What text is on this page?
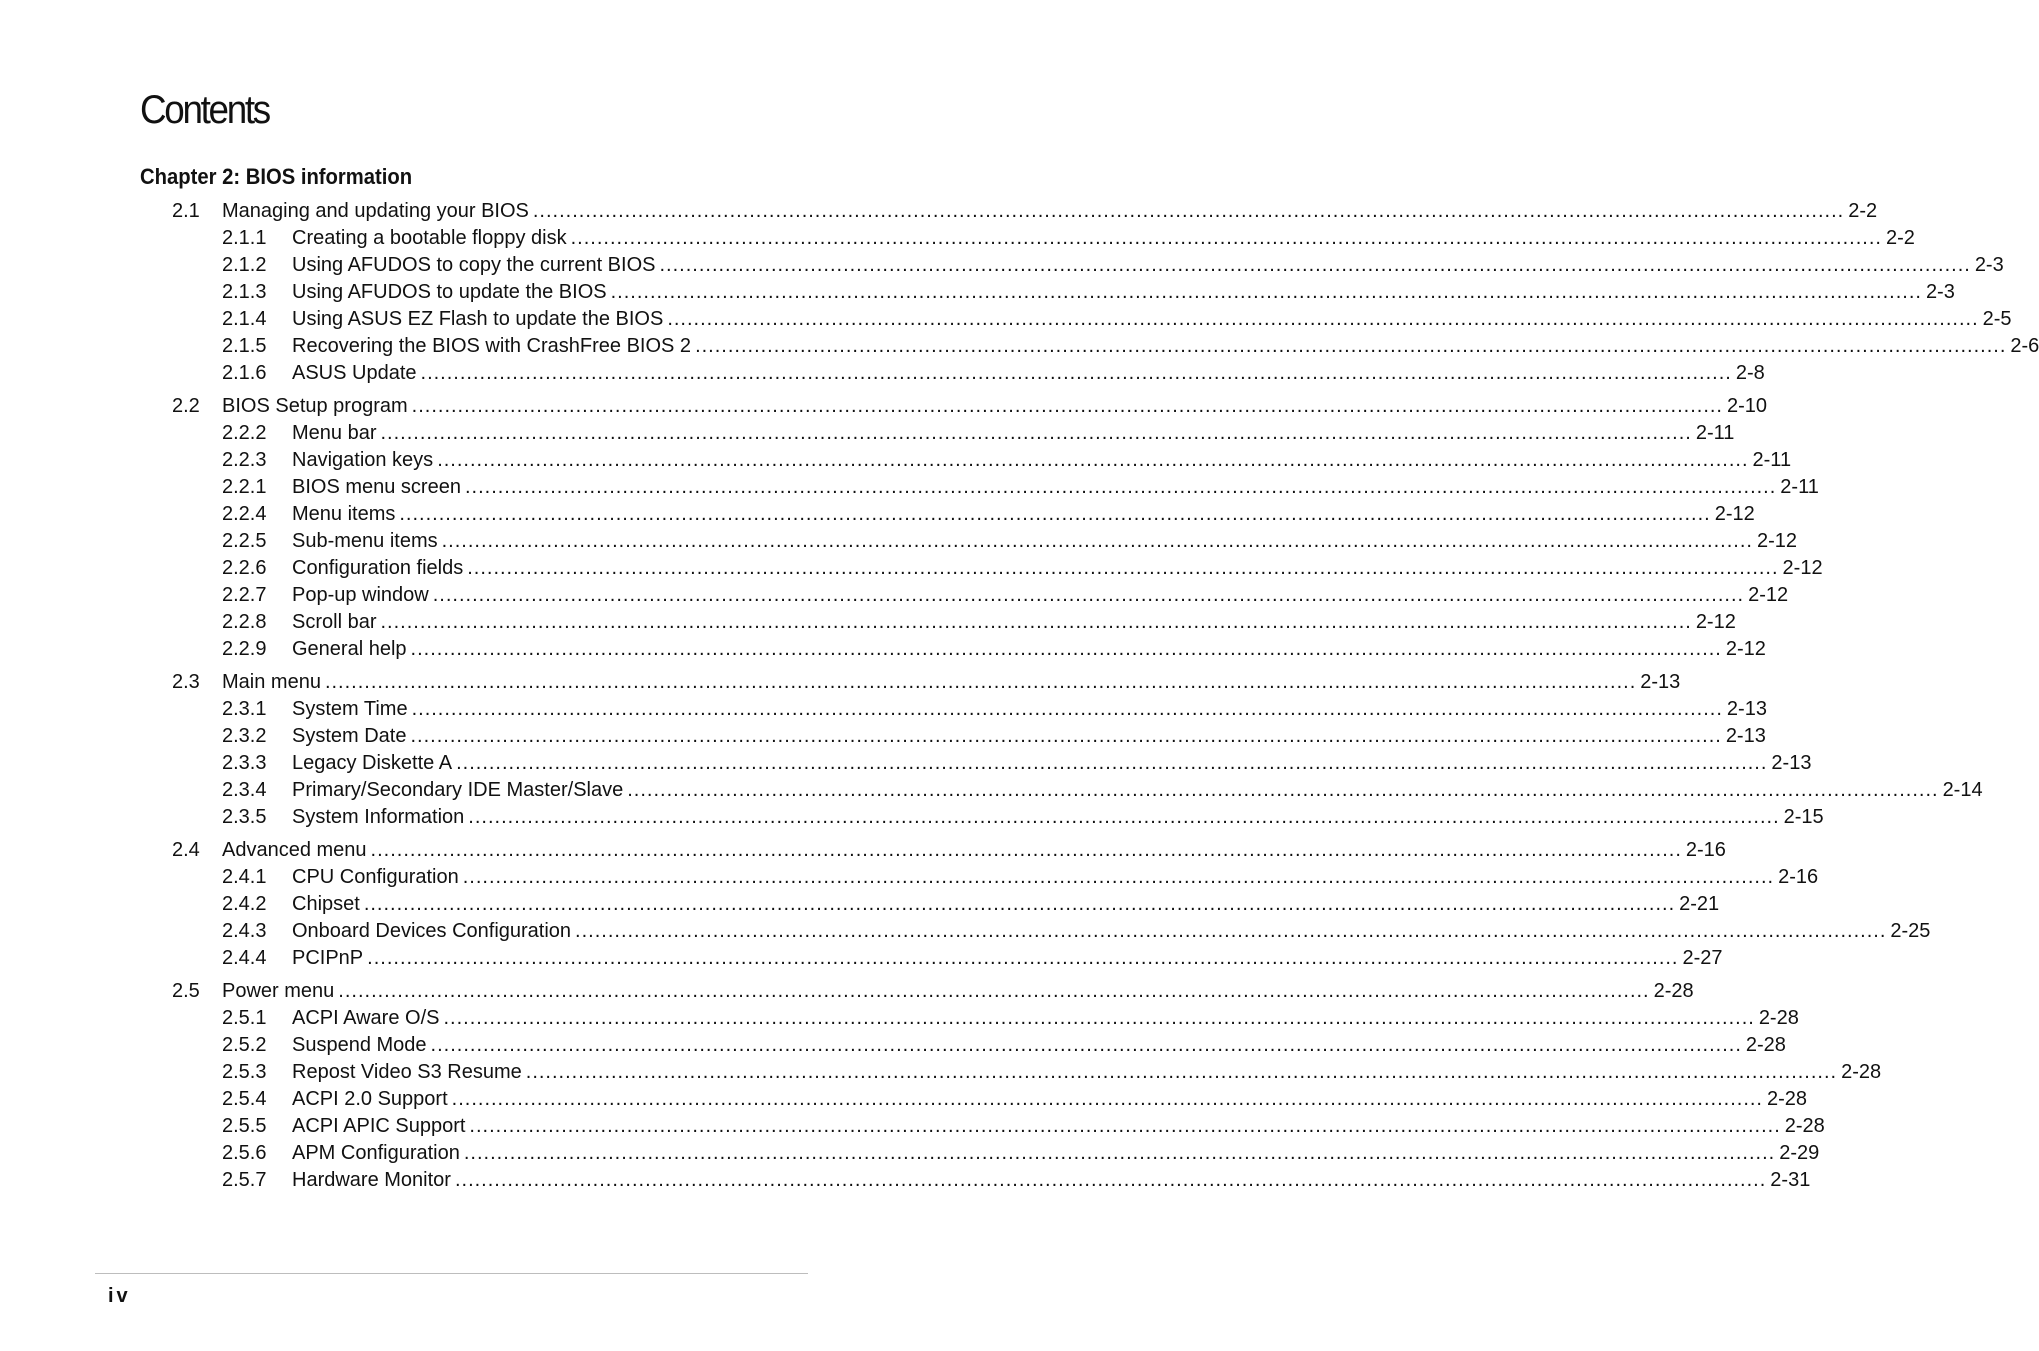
Contents
Chapter 2: BIOS information
2.1 Managing and updating your BIOS ........................................................................................................................................................................................................ 2-2
2.1.1 Creating a bootable floppy disk ........................................................................................................................................................................................................ 2-2
2.1.2 Using AFUDOS to copy the current BIOS ........................................................................................................................................................................................................ 2-3
2.1.3 Using AFUDOS to update the BIOS ........................................................................................................................................................................................................ 2-3
2.1.4 Using ASUS EZ Flash to update the BIOS ........................................................................................................................................................................................................ 2-5
2.1.5 Recovering the BIOS with CrashFree BIOS 2 ........................................................................................................................................................................................................ 2-6
2.1.6 ASUS Update ........................................................................................................................................................................................................ 2-8
2.2 BIOS Setup program ........................................................................................................................................................................................................ 2-10
2.2.2 Menu bar ........................................................................................................................................................................................................ 2-11
2.2.3 Navigation keys ........................................................................................................................................................................................................ 2-11
2.2.1 BIOS menu screen ........................................................................................................................................................................................................ 2-11
2.2.4 Menu items ........................................................................................................................................................................................................ 2-12
2.2.5 Sub-menu items ........................................................................................................................................................................................................ 2-12
2.2.6 Configuration fields ........................................................................................................................................................................................................ 2-12
2.2.7 Pop-up window ........................................................................................................................................................................................................ 2-12
2.2.8 Scroll bar ........................................................................................................................................................................................................ 2-12
2.2.9 General help ........................................................................................................................................................................................................ 2-12
2.3 Main menu ........................................................................................................................................................................................................ 2-13
2.3.1 System Time ........................................................................................................................................................................................................ 2-13
2.3.2 System Date ........................................................................................................................................................................................................ 2-13
2.3.3 Legacy Diskette A ........................................................................................................................................................................................................ 2-13
2.3.4 Primary/Secondary IDE Master/Slave ........................................................................................................................................................................................................ 2-14
2.3.5 System Information ........................................................................................................................................................................................................ 2-15
2.4 Advanced menu ........................................................................................................................................................................................................ 2-16
2.4.1 CPU Configuration ........................................................................................................................................................................................................ 2-16
2.4.2 Chipset ........................................................................................................................................................................................................ 2-21
2.4.3 Onboard Devices Configuration ........................................................................................................................................................................................................ 2-25
2.4.4 PCIPnP ........................................................................................................................................................................................................ 2-27
2.5 Power menu ........................................................................................................................................................................................................ 2-28
2.5.1 ACPI Aware O/S ........................................................................................................................................................................................................ 2-28
2.5.2 Suspend Mode ........................................................................................................................................................................................................ 2-28
2.5.3 Repost Video S3 Resume ........................................................................................................................................................................................................ 2-28
2.5.4 ACPI 2.0 Support ........................................................................................................................................................................................................ 2-28
2.5.5 ACPI APIC Support ........................................................................................................................................................................................................ 2-28
2.5.6 APM Configuration ........................................................................................................................................................................................................ 2-29
2.5.7 Hardware Monitor ........................................................................................................................................................................................................ 2-31
iv
